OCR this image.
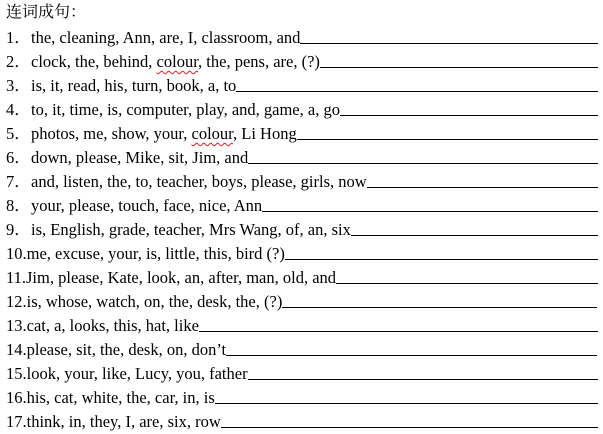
连词成句：
1． the, cleaning, Ann, are, I, classroom, and
2． clock, the, behind, colour, the, pens, are, (?)
3． is, it, read, his, turn, book, a, to
4． to, it, time, is, computer, play, and, game, a, go
5． photos, me, show, your, colour, Li Hong
6． down, please, Mike, sit, Jim, and
7． and, listen, the, to, teacher, boys, please, girls, now
8． your, please, touch, face, nice, Ann
9． is, English, grade, teacher, Mrs Wang, of, an, six
10. me, excuse, your, is, little, this, bird (?)
11. Jim, please, Kate, look, an, after, man, old, and
12. is, whose, watch, on, the, desk, the, (?)
13. cat, a, looks, this, hat, like
14. please, sit, the, desk, on, don’t
15. look, your, like, Lucy, you, father
16. his, cat, white, the, car, in, is
17. think, in, they, I, are, six, row
